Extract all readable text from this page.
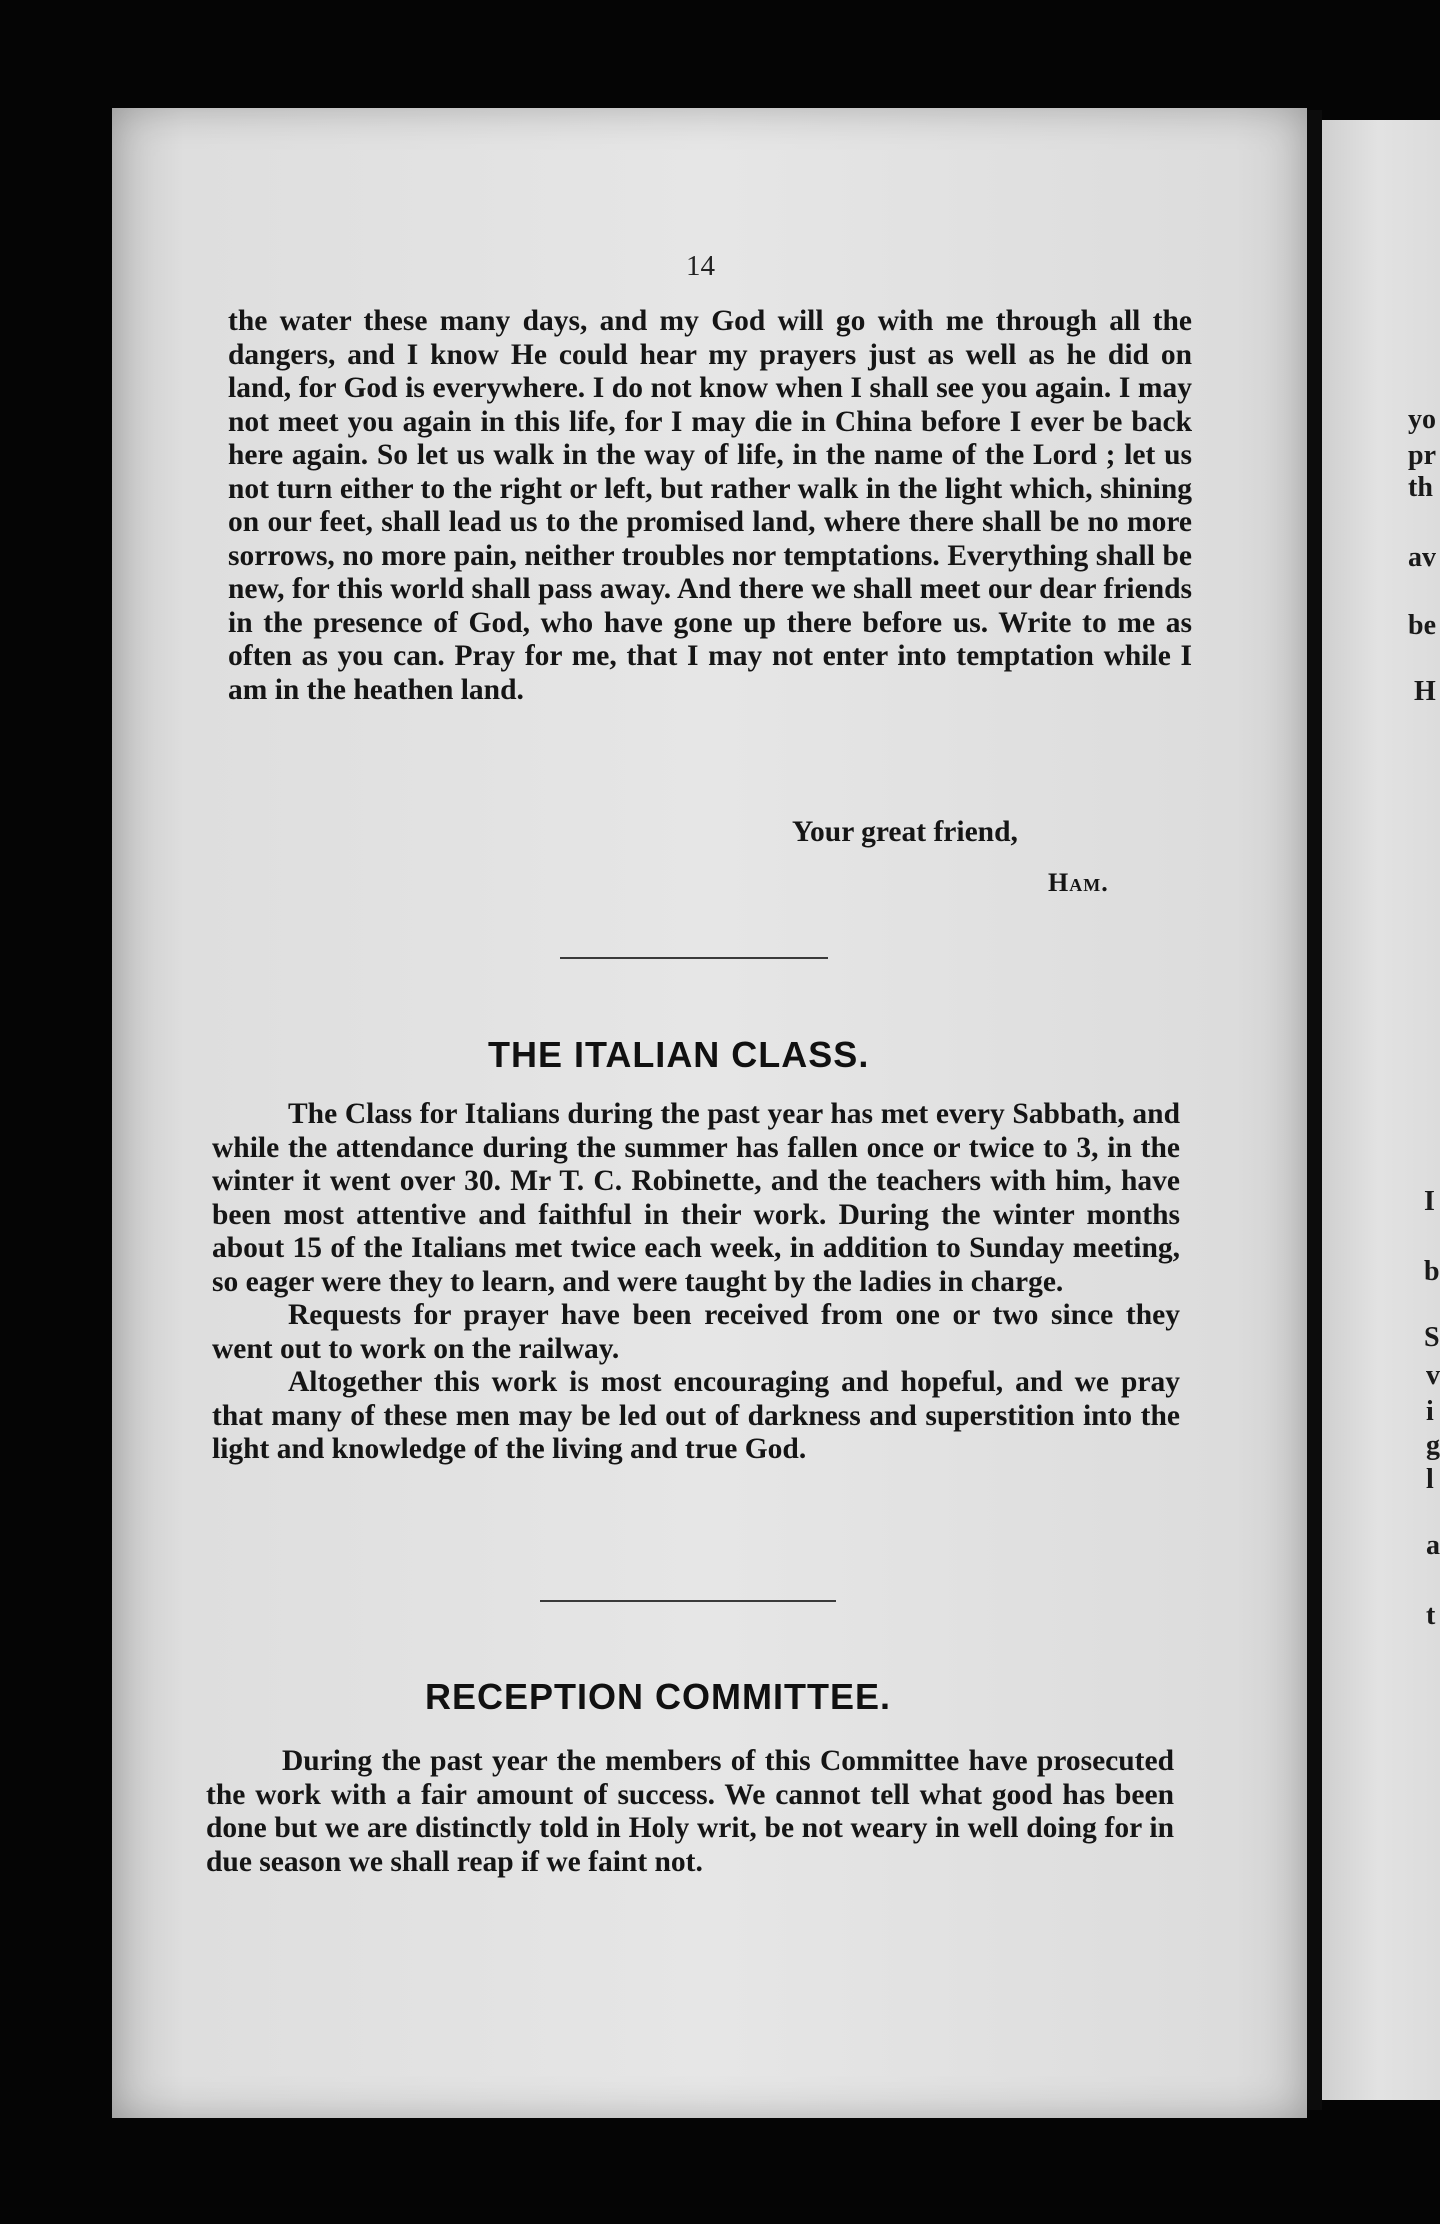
14
the water these many days, and my God will go with me through all the dangers, and I know He could hear my prayers just as well as he did on land, for God is everywhere. I do not know when I shall see you again. I may not meet you again in this life, for I may die in China before I ever be back here again. So let us walk in the way of life, in the name of the Lord ; let us not turn either to the right or left, but rather walk in the light which, shining on our feet, shall lead us to the promised land, where there shall be no more sorrows, no more pain, neither troubles nor temptations. Everything shall be new, for this world shall pass away. And there we shall meet our dear friends in the presence of God, who have gone up there before us. Write to me as often as you can. Pray for me, that I may not enter into temptation while I am in the heathen land.
Your great friend,
Ham.
THE ITALIAN CLASS.

The Class for Italians during the past year has met every Sabbath, and while the attendance during the summer has fallen once or twice to 3, in the winter it went over 30. Mr T. C. Robinette, and the teachers with him, have been most attentive and faithful in their work. During the winter months about 15 of the Italians met twice each week, in addition to Sunday meeting, so eager were they to learn, and were taught by the ladies in charge.

Requests for prayer have been received from one or two since they went out to work on the railway.

Altogether this work is most encouraging and hopeful, and we pray that many of these men may be led out of darkness and superstition into the light and knowledge of the living and true God.

RECEPTION COMMITTEE.

During the past year the members of this Committee have prosecuted the work with a fair amount of success. We cannot tell what good has been done but we are distinctly told in Holy writ, be not weary in well doing for in due season we shall reap if we faint not.

yo
pr
th
av
be
H
I
b
S
v
i
g
l
a
t
